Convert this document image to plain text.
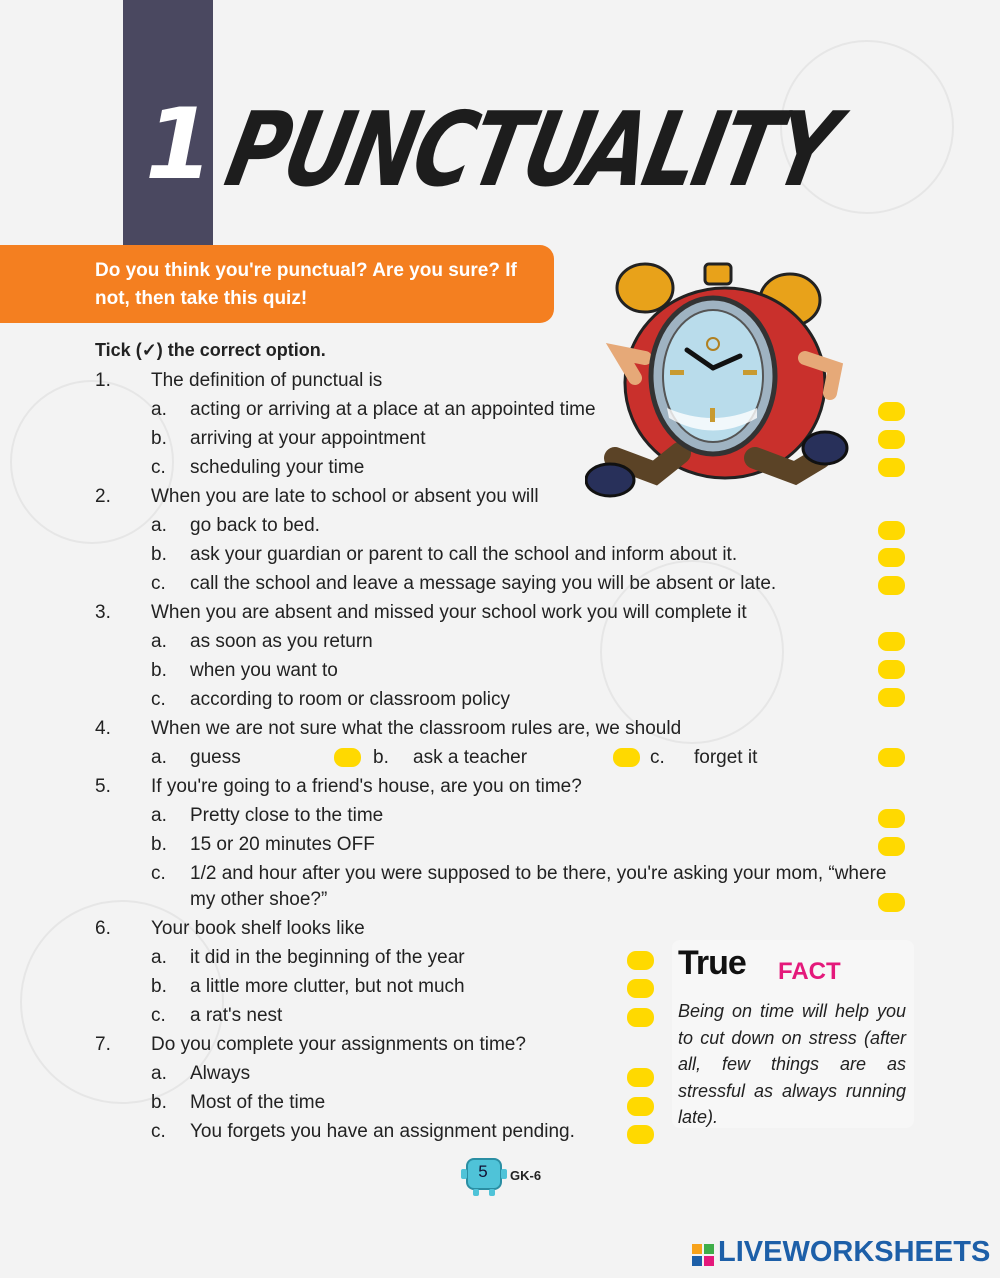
1 PUNCTUALITY
Do you think you're punctual? Are you sure? If not, then take this quiz!
Tick (✓) the correct option.
1. The definition of punctual is
a. acting or arriving at a place at an appointed time
b. arriving at your appointment
c. scheduling your time
2. When you are late to school or absent you will
a. go back to bed.
b. ask your guardian or parent to call the school and inform about it.
c. call the school and leave a message saying you will be absent or late.
3. When you are absent and missed your school work you will complete it
a. as soon as you return
b. when you want to
c. according to room or classroom policy
4. When we are not sure what the classroom rules are, we should
a. guess	b. ask a teacher	c. forget it
5. If you're going to a friend's house, are you on time?
a. Pretty close to the time
b. 15 or 20 minutes OFF
c. 1/2 and hour after you were supposed to be there, you're asking your mom, “where
my other shoe?”
6. Your book shelf looks like
a. it did in the beginning of the year
b. a little more clutter, but not much
c. a rat's nest
7. Do you complete your assignments on time?
a. Always
b. Most of the time
c. You forgets you have an assignment pending.
True FACT
Being on time will help you to cut down on stress (after all, few things are as stressful as always running late).
5	GK-6
LIVEWORKSHEETS
